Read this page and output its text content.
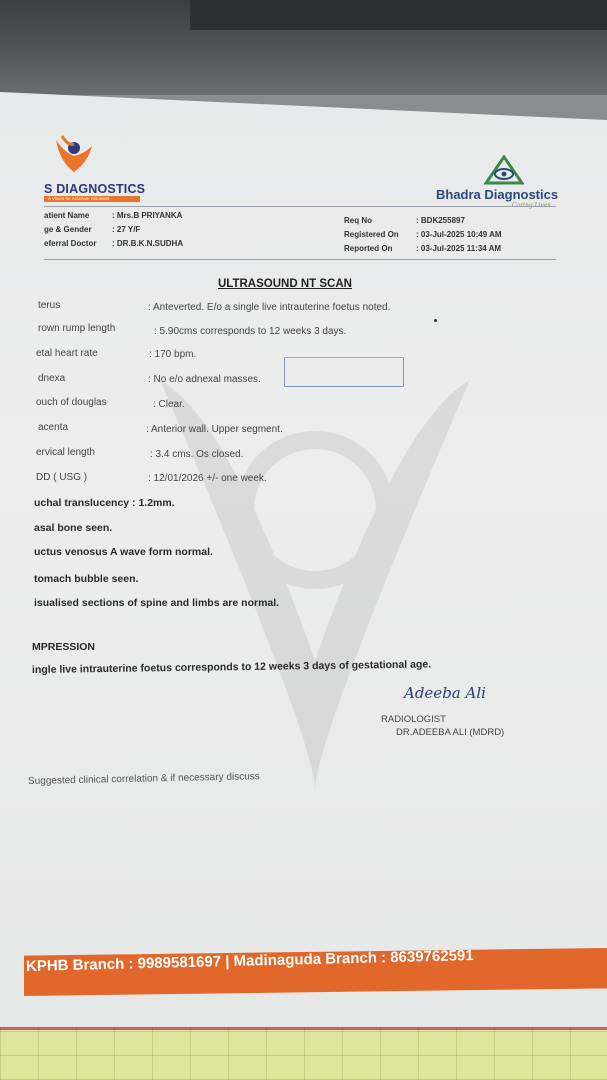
S DIAGNOSTICS
A Vision for Accurate Solutions	Bhadra Diagnostics
atient Name	: Mrs.B PRIYANKA
ge & Gender	: 27 Y/F
eferral Doctor : DR.B.K.N.SUDHA
Req No	: BDK255897
Registered On : 03-Jul-2025 10:49 AM
Reported On	: 03-Jul-2025 11:34 AM
ULTRASOUND NT SCAN
terus	: Anteverted. E/o a single live intrauterine foetus noted.
rown rump length	: 5.90cms corresponds to 12 weeks 3 days.
etal heart rate	: 170 bpm.
dnexa	: No e/o adnexal masses.
ouch of douglas	: Clear.
acenta	: Anterior wall. Upper segment.
ervical length	: 3.4 cms. Os closed.
DD ( USG )	: 12/01/2026 +/- one week.
uchal translucency : 1.2mm.
asal bone seen.
uctus venosus A wave form normal.
tomach bubble seen.
isualised sections of spine and limbs are normal.
MPRESSION
ingle live intrauterine foetus corresponds to 12 weeks 3 days of gestational age.
Adeeba Ali
RADIOLOGIST
DR.ADEEBA ALI (MDRD)
Suggested clinical correlation & if necessary discuss
KPHB Branch : 9989581697 | Madinaguda Branch : 8639762591
